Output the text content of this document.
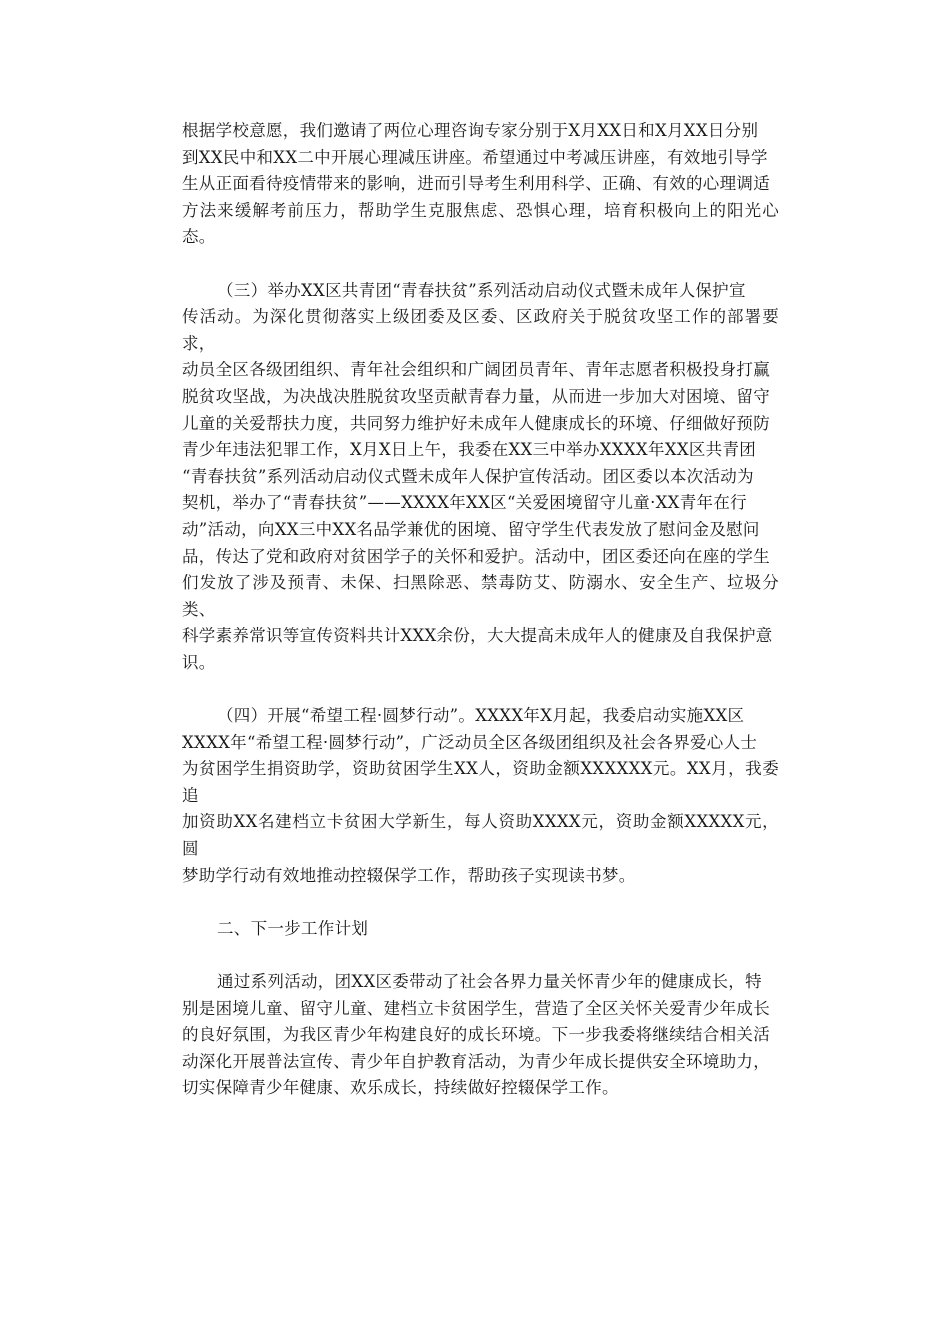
根据学校意愿，我们邀请了两位心理咨询专家分别于X月XX日和X月XX日分别
到XX民中和XX二中开展心理减压讲座。希望通过中考减压讲座，有效地引导学
生从正面看待疫情带来的影响，进而引导考生利用科学、正确、有效的心理调适
方法来缓解考前压力，帮助学生克服焦虑、恐惧心理，培育积极向上的阳光心态。

（三）举办XX区共青团“青春扶贫”系列活动启动仪式暨未成年人保护宣
传活动。为深化贯彻落实上级团委及区委、区政府关于脱贫攻坚工作的部署要求，
动员全区各级团组织、青年社会组织和广阔团员青年、青年志愿者积极投身打赢
脱贫攻坚战，为决战决胜脱贫攻坚贡献青春力量，从而进一步加大对困境、留守
儿童的关爱帮扶力度，共同努力维护好未成年人健康成长的环境、仔细做好预防
青少年违法犯罪工作，X月X日上午，我委在XX三中举办XXXX年XX区共青团
“青春扶贫”系列活动启动仪式暨未成年人保护宣传活动。团区委以本次活动为
契机，举办了“青春扶贫”——XXXX年XX区“关爱困境留守儿童·XX青年在行
动”活动，向XX三中XX名品学兼优的困境、留守学生代表发放了慰问金及慰问
品，传达了党和政府对贫困学子的关怀和爱护。活动中，团区委还向在座的学生
们发放了涉及预青、未保、扫黑除恶、禁毒防艾、防溺水、安全生产、垃圾分类、
科学素养常识等宣传资料共计XXX余份，大大提高未成年人的健康及自我保护意
识。

（四）开展“希望工程·圆梦行动”。XXXX年X月起，我委启动实施XX区
XXXX年“希望工程·圆梦行动”，广泛动员全区各级团组织及社会各界爱心人士
为贫困学生捐资助学，资助贫困学生XX人，资助金额XXXXXX元。XX月，我委追
加资助XX名建档立卡贫困大学新生，每人资助XXXX元，资助金额XXXXX元，圆
梦助学行动有效地推动控辍保学工作，帮助孩子实现读书梦。

二、下一步工作计划

通过系列活动，团XX区委带动了社会各界力量关怀青少年的健康成长，特
别是困境儿童、留守儿童、建档立卡贫困学生，营造了全区关怀关爱青少年成长
的良好氛围，为我区青少年构建良好的成长环境。下一步我委将继续结合相关活
动深化开展普法宣传、青少年自护教育活动，为青少年成长提供安全环境助力，
切实保障青少年健康、欢乐成长，持续做好控辍保学工作。
